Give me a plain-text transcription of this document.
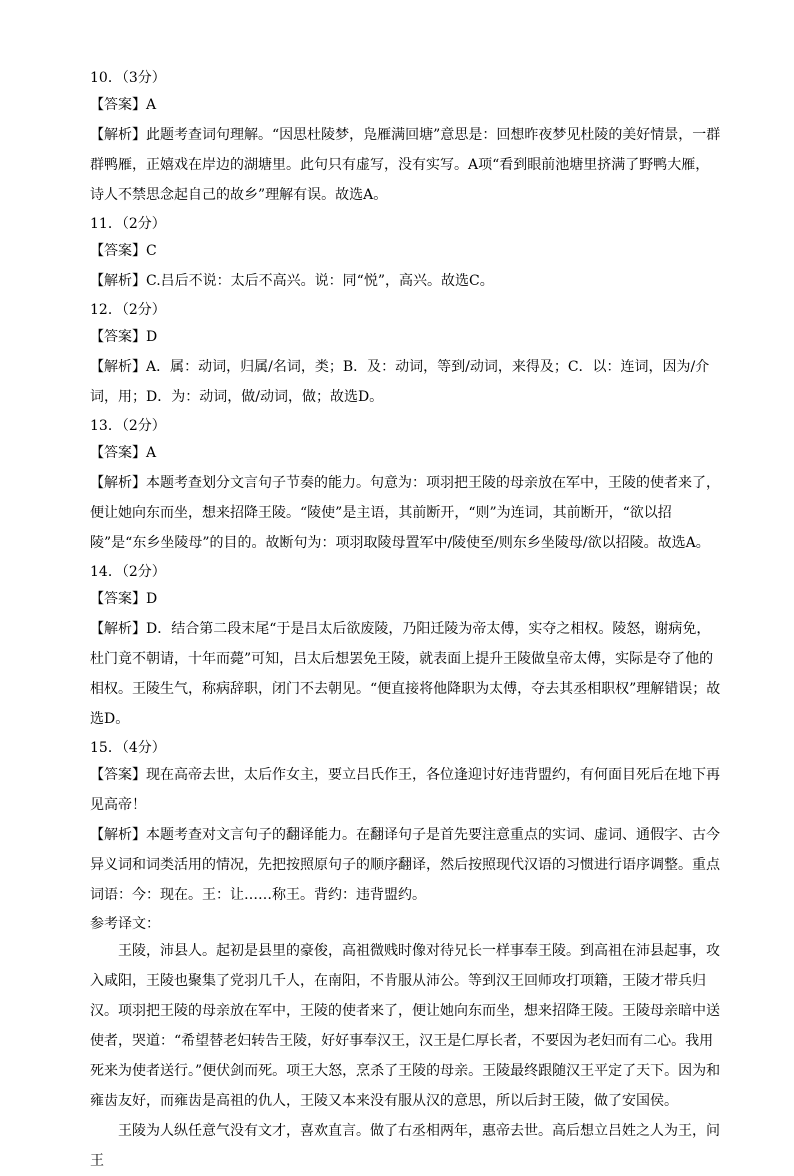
10．（3分）

【答案】A

【解析】此题考查词句理解。“因思杜陵梦，凫雁满回塘”意思是：回想昨夜梦见杜陵的美好情景，一群群鸭雁，正嬉戏在岸边的湖塘里。此句只有虚写，没有实写。A项“看到眼前池塘里挤满了野鸭大雁，诗人不禁思念起自己的故乡”理解有误。故选A。

11．（2分）

【答案】C

【解析】C.吕后不说：太后不高兴。说：同“悦”，高兴。故选C。

12．（2分）

【答案】D

【解析】A．属：动词，归属/名词，类；B．及：动词，等到/动词，来得及；C．以：连词，因为/介词，用；D．为：动词，做/动词，做；故选D。

13．（2分）

【答案】A

【解析】本题考查划分文言句子节奏的能力。句意为：项羽把王陵的母亲放在军中，王陵的使者来了，便让她向东而坐，想来招降王陵。“陵使”是主语，其前断开，“则”为连词，其前断开，“欲以招陵”是“东乡坐陵母”的目的。故断句为：项羽取陵母置军中/陵使至/则东乡坐陵母/欲以招陵。故选A。

14．（2分）

【答案】D

【解析】D．结合第二段末尾“于是吕太后欲废陵，乃阳迁陵为帝太傅，实夺之相权。陵怒，谢病免，杜门竟不朝请，十年而薨”可知，吕太后想罢免王陵，就表面上提升王陵做皇帝太傅，实际是夺了他的相权。王陵生气，称病辞职，闭门不去朝见。“便直接将他降职为太傅，夺去其丞相职权”理解错误；故选D。

15．（4分）

【答案】现在高帝去世，太后作女主，要立吕氏作王，各位逢迎讨好违背盟约，有何面目死后在地下再见高帝！

【解析】本题考查对文言句子的翻译能力。在翻译句子是首先要注意重点的实词、虚词、通假字、古今异义词和词类活用的情况，先把按照原句子的顺序翻译，然后按照现代汉语的习惯进行语序调整。重点词语：今：现在。王：让……称王。背约：违背盟约。

参考译文：

王陵，沛县人。起初是县里的豪俊，高祖微贱时像对待兄长一样事奉王陵。到高祖在沛县起事，攻入咸阳，王陵也聚集了党羽几千人，在南阳，不肯服从沛公。等到汉王回师攻打项籍，王陵才带兵归汉。项羽把王陵的母亲放在军中，王陵的使者来了，便让她向东而坐，想来招降王陵。王陵母亲暗中送使者，哭道：“希望替老妇转告王陵，好好事奉汉王，汉王是仁厚长者，不要因为老妇而有二心。我用死来为使者送行。”便伏剑而死。项王大怒，烹杀了王陵的母亲。王陵最终跟随汉王平定了天下。因为和雍齿友好，而雍齿是高祖的仇人，王陵又本来没有服从汉的意思，所以后封王陵，做了安国侯。

王陵为人纵任意气没有文才，喜欢直言。做了右丞相两年，惠帝去世。高后想立吕姓之人为王，问王
